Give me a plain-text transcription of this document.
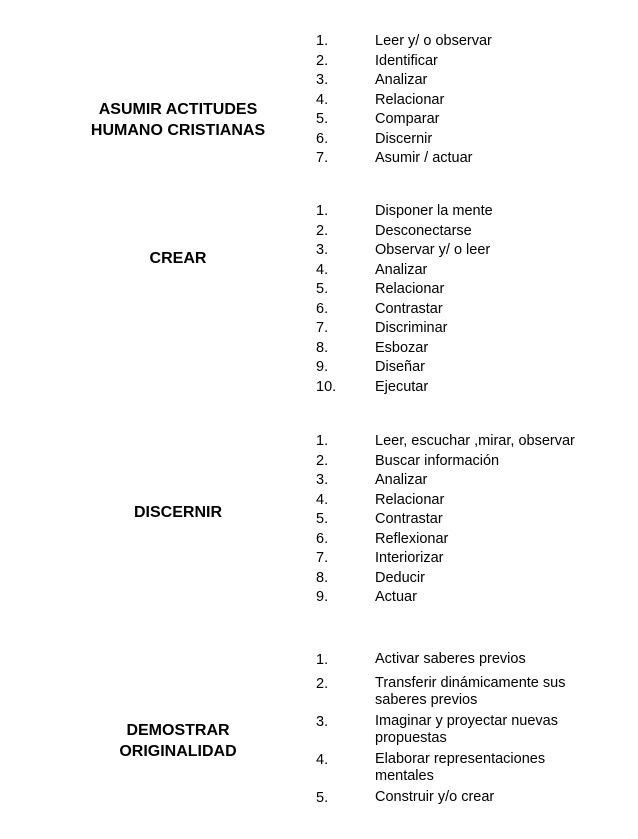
ASUMIR ACTITUDES
HUMANO CRISTIANAS
1.	Leer y/ o observar
2.	Identificar
3.	Analizar
4.	Relacionar
5.	Comparar
6.	Discernir
7.	Asumir / actuar
CREAR
1.	Disponer la mente
2.	Desconectarse
3.	Observar y/ o leer
4.	Analizar
5.	Relacionar
6.	Contrastar
7.	Discriminar
8.	Esbozar
9.	Diseñar
10.	Ejecutar
DISCERNIR
1.	Leer, escuchar ,mirar, observar
2.	Buscar información
3.	Analizar
4.	Relacionar
5.	Contrastar
6.	Reflexionar
7.	Interiorizar
8.	Deducir
9.	Actuar
DEMOSTRAR
ORIGINALIDAD
1.	Activar saberes previos
2.	Transferir dinámicamente sus saberes previos
3.	Imaginar y proyectar nuevas propuestas
4.	Elaborar representaciones mentales
5.	Construir y/o crear
